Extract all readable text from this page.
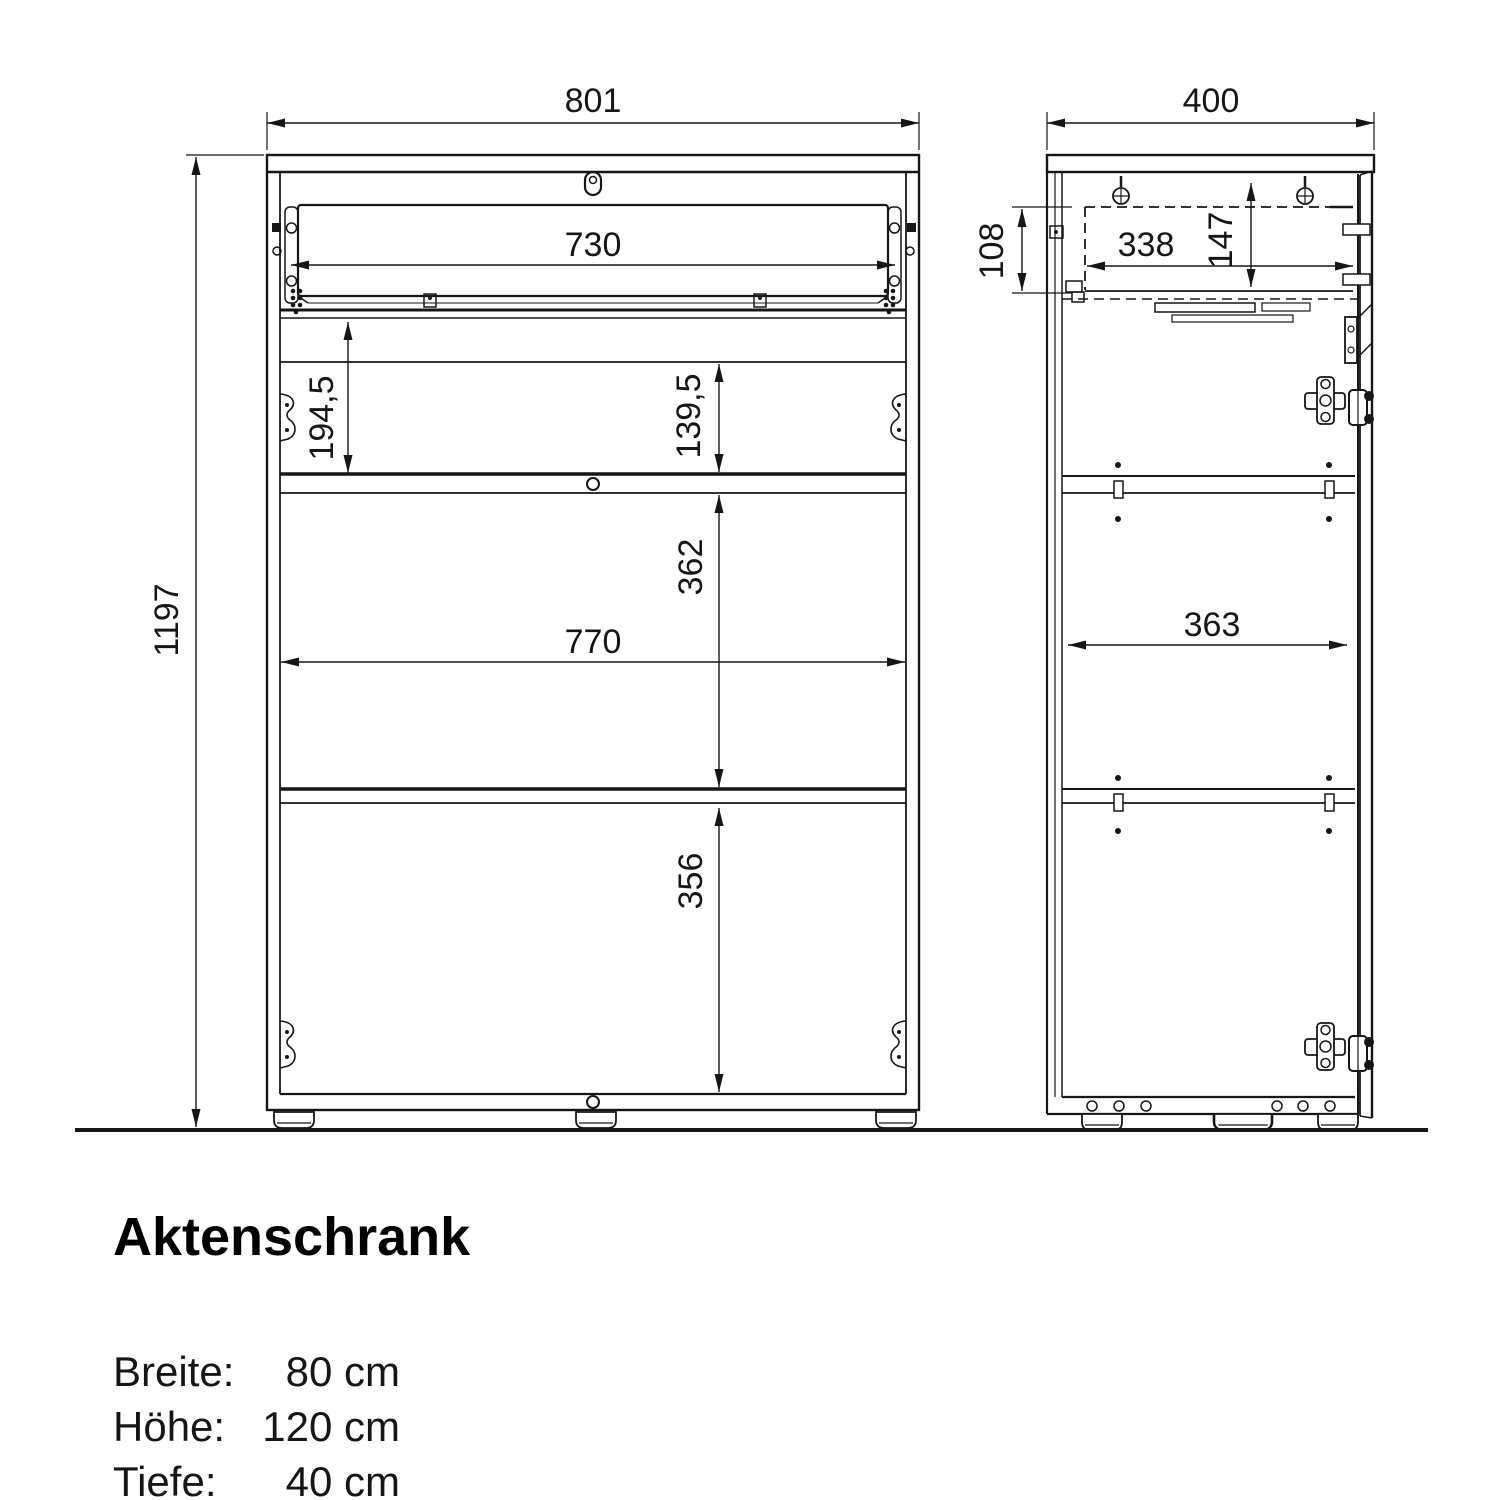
801
1197
730
194,5	139,5
362
770
356
400
108	338 147
363
Aktenschrank
Breite: 80 cm
Höhe: 120 cm
Tiefe: 40 cm
